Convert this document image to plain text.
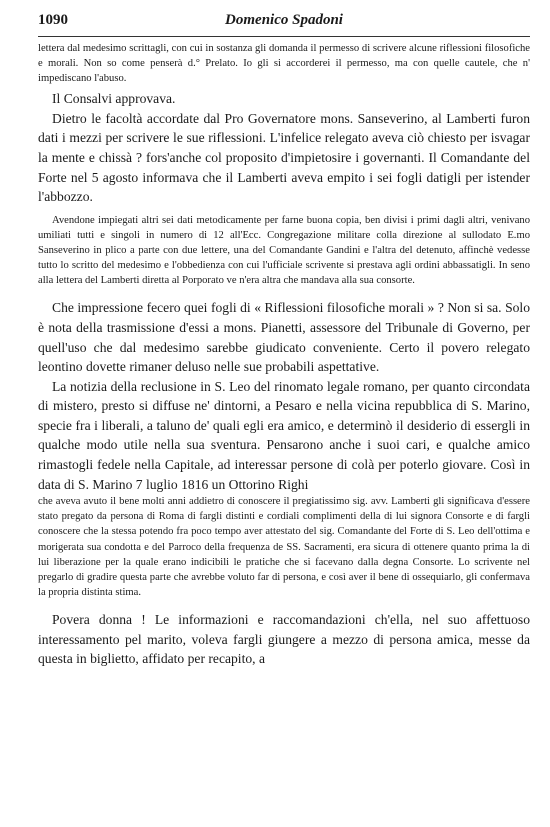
1090	Domenico Spadoni

lettera dal medesimo scrittagli, con cui in sostanza gli domanda il permesso di scrivere alcune riflessioni filosofiche e morali. Non so come penserà d.° Prelato. Io gli si accorderei il permesso, ma con quelle cautele, che n' impediscano l'abuso.

Il Consalvi approvava.

Dietro le facoltà accordate dal Pro Governatore mons. Sanseverino, al Lamberti furon dati i mezzi per scrivere le sue riflessioni. L'infelice relegato aveva ciò chiesto per isvagar la mente e chissà ? fors'anche col proposito d'impietosire i governanti. Il Comandante del Forte nel 5 agosto informava che il Lamberti aveva empito i sei fogli datigli per istender l'abbozzo.

Avendone impiegati altri sei dati metodicamente per farne buona copia, ben divisi i primi dagli altri, venivano umiliati tutti e singoli in numero di 12 all'Ecc. Congregazione militare colla direzione al sullodato E.mo Sanseverino in plico a parte con due lettere, una del Comandante Gandini e l'altra del detenuto, affinchè vedesse tutto lo scritto del medesimo e l'obbedienza con cui l'ufficiale scrivente si prestava agli ordini abbassatigli. In seno alla lettera del Lamberti diretta al Porporato ve n'era altra che mandava alla sua consorte.

Che impressione fecero quei fogli di « Riflessioni filosofiche morali » ? Non si sa. Solo è nota della trasmissione d'essi a mons. Pianetti, assessore del Tribunale di Governo, per quell'uso che dal medesimo sarebbe giudicato conveniente. Certo il povero relegato leontino dovette rimaner deluso nelle sue probabili aspettative.

La notizia della reclusione in S. Leo del rinomato legale romano, per quanto circondata di mistero, presto si diffuse ne' dintorni, a Pesaro e nella vicina repubblica di S. Marino, specie fra i liberali, a taluno de' quali egli era amico, e determinò il desiderio di essergli in qualche modo utile nella sua sventura. Pensarono anche i suoi cari, e qualche amico rimastogli fedele nella Capitale, ad interessar persone di colà per poterlo giovare. Così in data di S. Marino 7 luglio 1816 un Ottorino Righi

che aveva avuto il bene molti anni addietro di conoscere il pregiatissimo sig. avv. Lamberti gli significava d'essere stato pregato da persona di Roma di fargli distinti e cordiali complimenti della di lui signora Consorte e di fargli conoscere che la stessa potendo fra poco tempo aver attestato del sig. Comandante del Forte di S. Leo dell'ottima e morigerata sua condotta e del Parroco della frequenza de SS. Sacramenti, era sicura di ottenere quanto prima la di lui liberazione per la quale erano indicibili le pratiche che si facevano dalla degna Consorte. Lo scrivente nel pregarlo di gradire questa parte che avrebbe voluto far di persona, e così aver il bene di ossequiarlo, gli confermava la propria distinta stima.

Povera donna ! Le informazioni e raccomandazioni ch'ella, nel suo affettuoso interessamento pel marito, voleva fargli giungere a mezzo di persona amica, messe da questa in biglietto, affidato per recapito, a
